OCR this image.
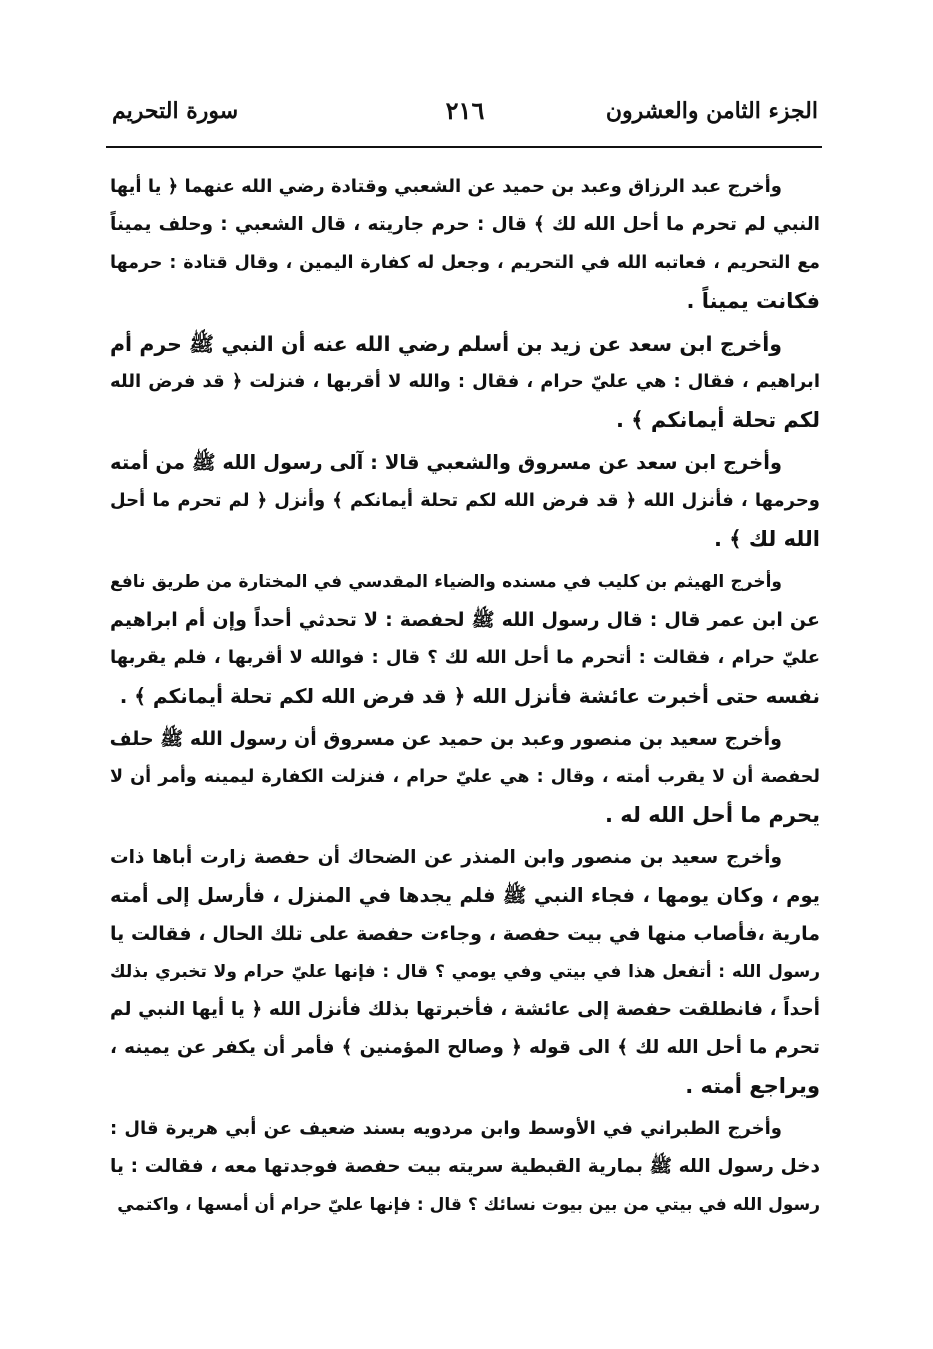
الجزء الثامن والعشرون
٢١٦
سورة التحريم
وأخرج عبد الرزاق وعبد بن حميد عن الشعبي وقتادة رضي الله عنهما ﴿ يا أيها
النبي لم تحرم ما أحل الله لك ﴾ قال : حرم جاريته ، قال الشعبي : وحلف يميناً
مع التحريم ، فعاتبه الله في التحريم ، وجعل له كفارة اليمين ، وقال قتادة : حرمها
فكانت يميناً .
وأخرج ابن سعد عن زيد بن أسلم رضي الله عنه أن النبي ﷺ حرم أم
ابراهيم ، فقال : هي عليّ حرام ، فقال : والله لا أقربها ، فنزلت ﴿ قد فرض الله
لكم تحلة أيمانكم ﴾ .
وأخرج ابن سعد عن مسروق والشعبي قالا : آلى رسول الله ﷺ من أمته
وحرمها ، فأنزل الله ﴿ قد فرض الله لكم تحلة أيمانكم ﴾ وأنزل ﴿ لم تحرم ما أحل
الله لك ﴾ .
وأخرج الهيثم بن كليب في مسنده والضياء المقدسي في المختارة من طريق نافع
عن ابن عمر قال : قال رسول الله ﷺ لحفصة : لا تحدثي أحداً وإن أم ابراهيم
عليّ حرام ، فقالت : أتحرم ما أحل الله لك ؟ قال : فوالله لا أقربها ، فلم يقربها
نفسه حتى أخبرت عائشة فأنزل الله ﴿ قد فرض الله لكم تحلة أيمانكم ﴾ .
وأخرج سعيد بن منصور وعبد بن حميد عن مسروق أن رسول الله ﷺ حلف
لحفصة أن لا يقرب أمته ، وقال : هي عليّ حرام ، فنزلت الكفارة ليمينه وأمر أن لا
يحرم ما أحل الله له .
وأخرج سعيد بن منصور وابن المنذر عن الضحاك أن حفصة زارت أباها ذات
يوم ، وكان يومها ، فجاء النبي ﷺ فلم يجدها في المنزل ، فأرسل إلى أمته
مارية ،فأصاب منها في بيت حفصة ، وجاءت حفصة على تلك الحال ، فقالت يا
رسول الله : أتفعل هذا في بيتي وفي يومي ؟ قال : فإنها عليّ حرام ولا تخبري بذلك
أحداً ، فانطلقت حفصة إلى عائشة ، فأخبرتها بذلك فأنزل الله ﴿ يا أيها النبي لم
تحرم ما أحل الله لك ﴾ الى قوله ﴿ وصالح المؤمنين ﴾ فأمر أن يكفر عن يمينه ،
ويراجع أمته .
وأخرج الطبراني في الأوسط وابن مردويه بسند ضعيف عن أبي هريرة قال :
دخل رسول الله ﷺ بمارية القبطية سريته بيت حفصة فوجدتها معه ، فقالت : يا
رسول الله في بيتي من بين بيوت نسائك ؟ قال : فإنها عليّ حرام أن أمسها ، واكتمي
